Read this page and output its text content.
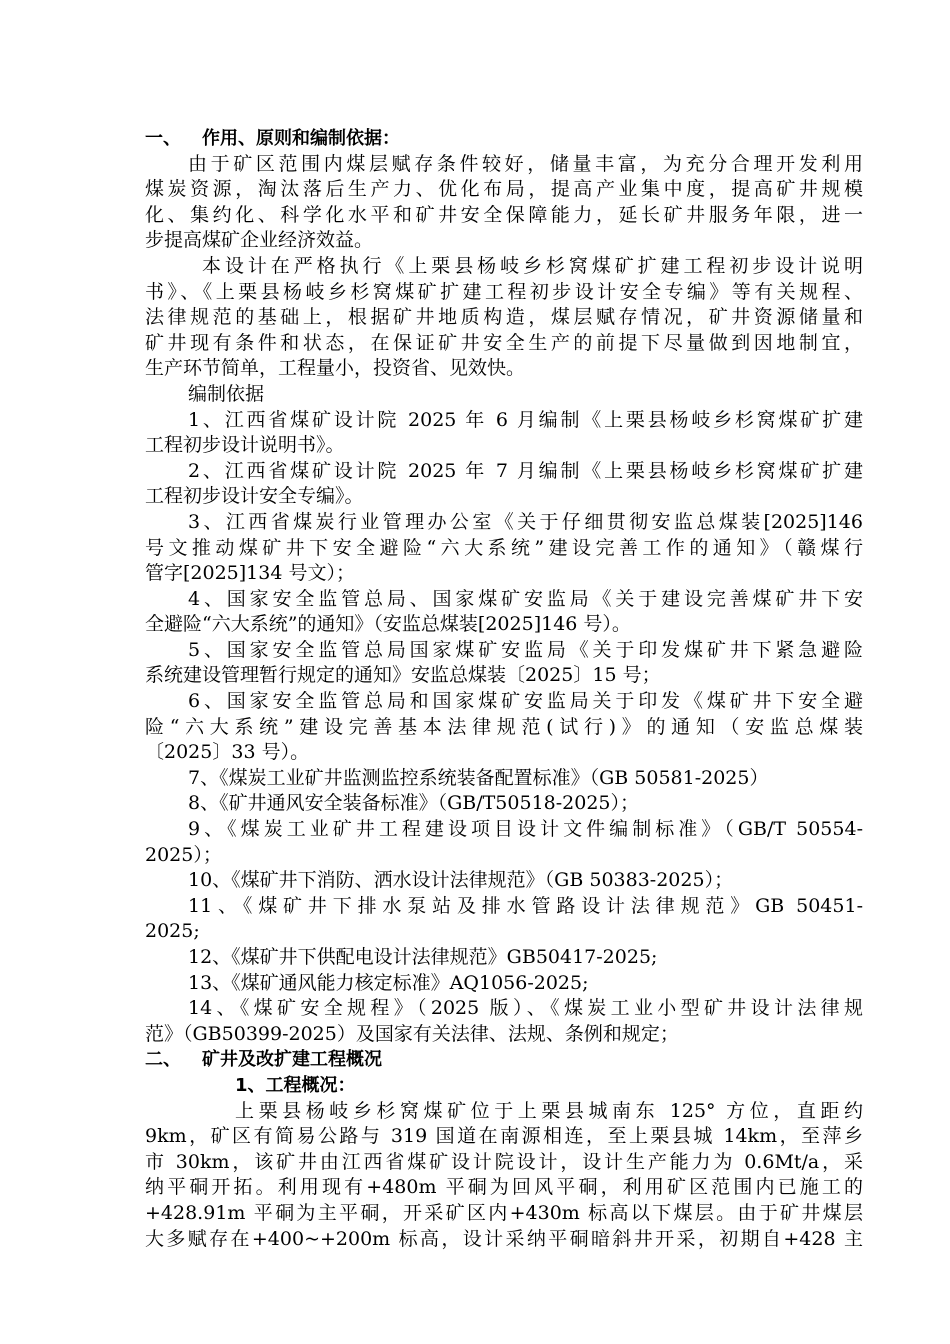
一、 作用、原则和编制依据：
由于矿区范围内煤层赋存条件较好，储量丰富，为充分合理开发利用
煤炭资源，淘汰落后生产力、优化布局，提高产业集中度，提高矿井规模
化、集约化、科学化水平和矿井安全保障能力，延长矿井服务年限，进一
步提高煤矿企业经济效益。
本设计在严格执行《上栗县杨岐乡杉窝煤矿扩建工程初步设计说明
书》、《上栗县杨岐乡杉窝煤矿扩建工程初步设计安全专编》等有关规程、
法律规范的基础上，根据矿井地质构造，煤层赋存情况，矿井资源储量和
矿井现有条件和状态，在保证矿井安全生产的前提下尽量做到因地制宜，
生产环节简单，工程量小，投资省、见效快。
编制依据
1、江西省煤矿设计院 2025 年 6 月编制《上栗县杨岐乡杉窝煤矿扩建
工程初步设计说明书》。
2、江西省煤矿设计院 2025 年 7 月编制《上栗县杨岐乡杉窝煤矿扩建
工程初步设计安全专编》。
3、江西省煤炭行业管理办公室《关于仔细贯彻安监总煤装[2025]146
号文推动煤矿井下安全避险“六大系统”建设完善工作的通知》（赣煤行
管字[2025]134 号文）；
4、国家安全监管总局、国家煤矿安监局《关于建设完善煤矿井下安
全避险“六大系统”的通知》（安监总煤装[2025]146 号）。
5、国家安全监管总局国家煤矿安监局《关于印发煤矿井下紧急避险
系统建设管理暂行规定的通知》安监总煤装〔2025〕15 号；
6、国家安全监管总局和国家煤矿安监局关于印发《煤矿井下安全避
险“六大系统”建设完善基本法律规范(试行)》的通知（安监总煤装
〔2025〕33 号）。
7、《煤炭工业矿井监测监控系统装备配置标准》（GB 50581-2025）
8、《矿井通风安全装备标准》（GB/T50518-2025）；
9、《煤炭工业矿井工程建设项目设计文件编制标准》（GB/T 50554-
2025）；
10、《煤矿井下消防、洒水设计法律规范》（GB 50383-2025）；
11、《煤矿井下排水泵站及排水管路设计法律规范》GB 50451-
2025;
12、《煤矿井下供配电设计法律规范》GB50417-2025;
13、《煤矿通风能力核定标准》AQ1056-2025;
14、《煤矿安全规程》（2025 版）、《煤炭工业小型矿井设计法律规
范》（GB50399-2025）及国家有关法律、法规、条例和规定；
二、 矿井及改扩建工程概况
1、工程概况：
上栗县杨岐乡杉窝煤矿位于上栗县城南东 125° 方位，直距约
9km，矿区有简易公路与 319 国道在南源相连，至上栗县城 14km，至萍乡
市 30km，该矿井由江西省煤矿设计院设计，设计生产能力为 0.6Mt/a，采
纳平硐开拓。利用现有+480m 平硐为回风平硐，利用矿区范围内已施工的
+428.91m 平硐为主平硐，开采矿区内+430m 标高以下煤层。由于矿井煤层
大多赋存在+400~+200m 标高，设计采纳平硐暗斜井开采，初期自+428 主
